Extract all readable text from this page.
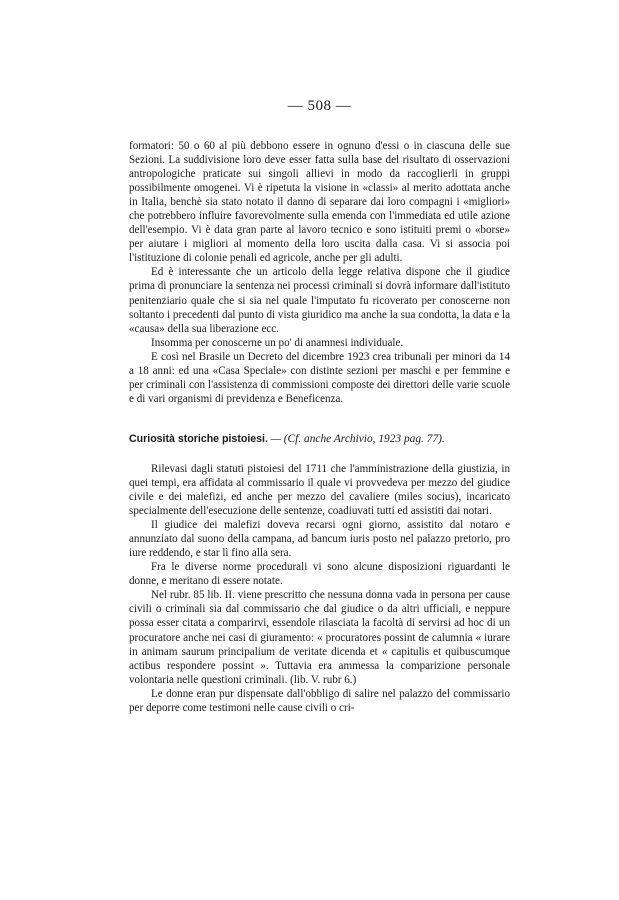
— 508 —

formatori: 50 o 60 al più debbono essere in ognuno d'essi o in ciascuna delle sue Sezioni. La suddivisione loro deve esser fatta sulla base del risultato di osservazioni antropologiche praticate sui singoli allievi in modo da raccoglierli in gruppi possibilmente omogenei. Vi è ripetuta la visione in «classi» al merito adottata anche in Italia, benchè sia stato notato il danno di separare dai loro compagni i «migliori» che potrebbero influire favorevolmente sulla emenda con l'immediata ed utile azione dell'esempio. Vi è data gran parte al lavoro tecnico e sono istituiti premi o «borse» per aiutare i migliori al momento della loro uscita dalla casa. Vi si associa poi l'istituzione di colonie penali ed agricole, anche per gli adulti.

Ed è interessante che un articolo della legge relativa dispone che il giudice prima di pronunciare la sentenza nei processi criminali si dovrà informare dall'istituto penitenziario quale che si sia nel quale l'imputato fu ricoverato per conoscerne non soltanto i precedenti dal punto di vista giuridico ma anche la sua condotta, la data e la «causa» della sua liberazione ecc.

Insomma per conoscerne un po' di anamnesi individuale.

E così nel Brasile un Decreto del dicembre 1923 crea tribunali per minori da 14 a 18 anni: ed una «Casa Speciale» con distinte sezioni per maschi e per femmine e per criminali con l'assistenza di commissioni composte dei direttori delle varie scuole e di vari organismi di previdenza e Beneficenza.

Curiosità storiche pistoiesi. — (Cf. anche Archivio, 1923 pag. 77).

Rilevasi dagli statuti pistoiesi del 1711 che l'amministrazione della giustizia, in quei tempi, era affidata al commissario il quale vi provvedeva per mezzo del giudice civile e dei malefizi, ed anche per mezzo del cavaliere (miles socius), incaricato specialmente dell'esecuzione delle sentenze, coadiuvati tutti ed assistiti dai notari.

Il giudice dei malefizi doveva recarsi ogni giorno, assistito dal notaro e annunziato dal suono della campana, ad bancum iuris posto nel palazzo pretorio, pro iure reddendo, e star lì fino alla sera.

Fra le diverse norme procedurali vi sono alcune disposizioni riguardanti le donne, e meritano di essere notate.

Nel rubr. 85 lib. II. viene prescritto che nessuna donna vada in persona per cause civili o criminali sia dal commissario che dal giudice o da altri ufficiali, e neppure possa esser citata a comparirvi, essendole rilasciata la facoltà di servirsi ad hoc di un procuratore anche nei casi di giuramento: « procuratores possint de calumnia « iurare in animam saurum principalium de veritate dicenda et « capitulis et quibuscumque actibus respondere possint ». Tuttavia era ammessa la comparizione personale volontaria nelle questioni criminali. (lib. V. rubr 6.)

Le donne eran pur dispensate dall'obbligo di salire nel palazzo del commissario per deporre come testimoni nelle cause civili o cri-
